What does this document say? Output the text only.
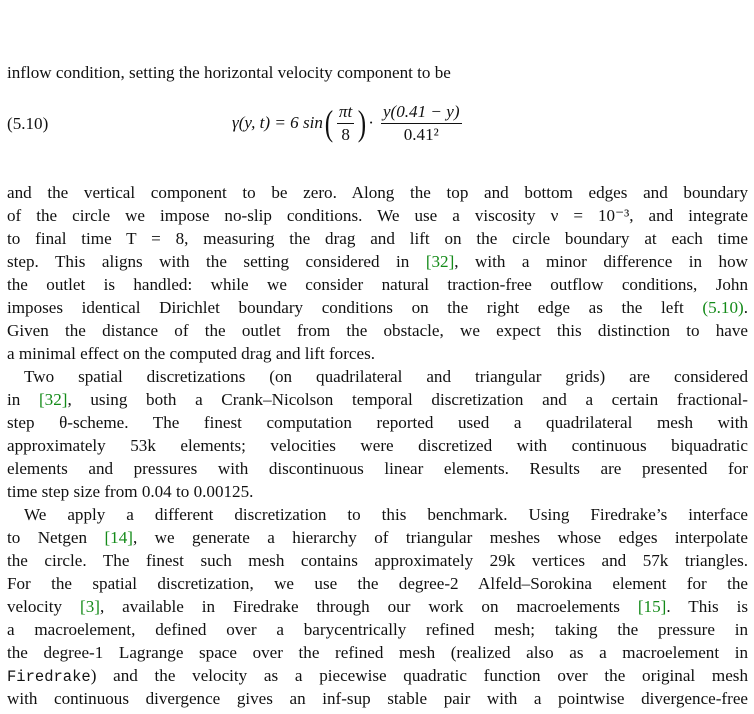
inflow condition, setting the horizontal velocity component to be
(5.10)	γ(y, t) = 6 sin ( $\frac{\pi t}{8}$ ) · $\frac{y(0.41 - y)}{\text{0.41²}}$
and the vertical component to be zero. Along the top and bottom edges and boundary
of the circle we impose no-slip conditions. We use a viscosity ν = 10⁻³, and integrate
to final time T = 8, measuring the drag and lift on the circle boundary at each time
step. This aligns with the setting considered in [32], with a minor difference in how
the outlet is handled: while we consider natural traction-free outflow conditions, John
imposes identical Dirichlet boundary conditions on the right edge as the left (5.10).
Given the distance of the outlet from the obstacle, we expect this distinction to have
a minimal effect on the computed drag and lift forces.
Two spatial discretizations (on quadrilateral and triangular grids) are considered
in [32], using both a Crank–Nicolson temporal discretization and a certain fractional-
step θ-scheme. The finest computation reported used a quadrilateral mesh with
approximately 53k elements; velocities were discretized with continuous biquadratic
elements and pressures with discontinuous linear elements. Results are presented for
time step size from 0.04 to 0.00125.
We apply a different discretization to this benchmark. Using Firedrake’s interface
to Netgen [14], we generate a hierarchy of triangular meshes whose edges interpolate
the circle. The finest such mesh contains approximately 29k vertices and 57k triangles.
For the spatial discretization, we use the degree-2 Alfeld–Sorokina element for the
velocity [3], available in Firedrake through our work on macroelements [15]. This is
a macroelement, defined over a barycentrically refined mesh; taking the pressure in
the degree-1 Lagrange space over the refined mesh (realized also as a macroelement in
Firedrake) and the velocity as a piecewise quadratic function over the original mesh
with continuous divergence gives an inf-sup stable pair with a pointwise divergence-free
